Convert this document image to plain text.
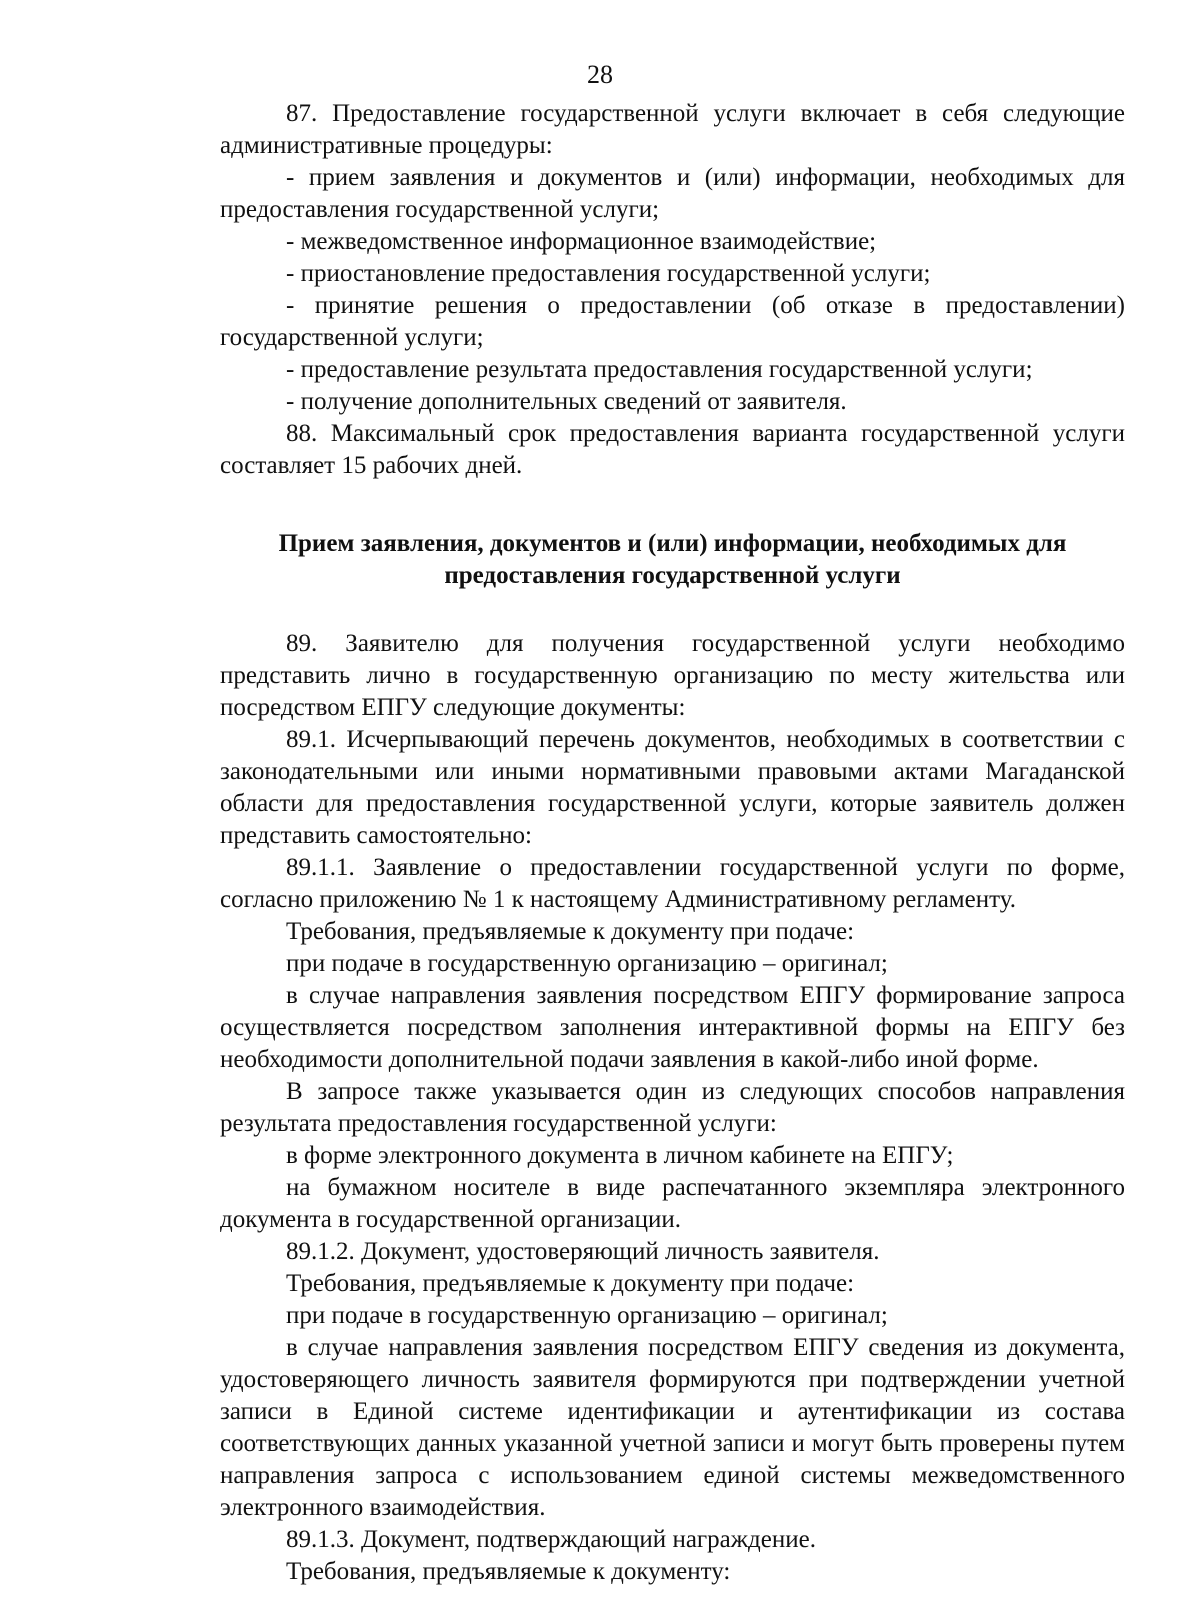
28

87. Предоставление государственной услуги включает в себя следующие административные процедуры:

- прием заявления и документов и (или) информации, необходимых для предоставления государственной услуги;

- межведомственное информационное взаимодействие;

- приостановление предоставления государственной услуги;

- принятие решения о предоставлении (об отказе в предоставлении) государственной услуги;

- предоставление результата предоставления государственной услуги;

- получение дополнительных сведений от заявителя.

88. Максимальный срок предоставления варианта государственной услуги составляет 15 рабочих дней.

Прием заявления, документов и (или) информации, необходимых для
предоставления государственной услуги

89. Заявителю для получения государственной услуги необходимо представить лично в государственную организацию по месту жительства или посредством ЕПГУ следующие документы:

89.1. Исчерпывающий перечень документов, необходимых в соответствии с законодательными или иными нормативными правовыми актами Магаданской области для предоставления государственной услуги, которые заявитель должен представить самостоятельно:

89.1.1. Заявление о предоставлении государственной услуги по форме, согласно приложению № 1 к настоящему Административному регламенту.

Требования, предъявляемые к документу при подаче:

при подаче в государственную организацию – оригинал;

в случае направления заявления посредством ЕПГУ формирование запроса осуществляется посредством заполнения интерактивной формы на ЕПГУ без необходимости дополнительной подачи заявления в какой-либо иной форме.

В запросе также указывается один из следующих способов направления результата предоставления государственной услуги:

в форме электронного документа в личном кабинете на ЕПГУ;

на бумажном носителе в виде распечатанного экземпляра электронного документа в государственной организации.

89.1.2. Документ, удостоверяющий личность заявителя.

Требования, предъявляемые к документу при подаче:

при подаче в государственную организацию – оригинал;

в случае направления заявления посредством ЕПГУ сведения из документа, удостоверяющего личность заявителя формируются при подтверждении учетной записи в Единой системе идентификации и аутентификации из состава соответствующих данных указанной учетной записи и могут быть проверены путем направления запроса с использованием единой системы межведомственного электронного взаимодействия.

89.1.3. Документ, подтверждающий награждение.

Требования, предъявляемые к документу:
